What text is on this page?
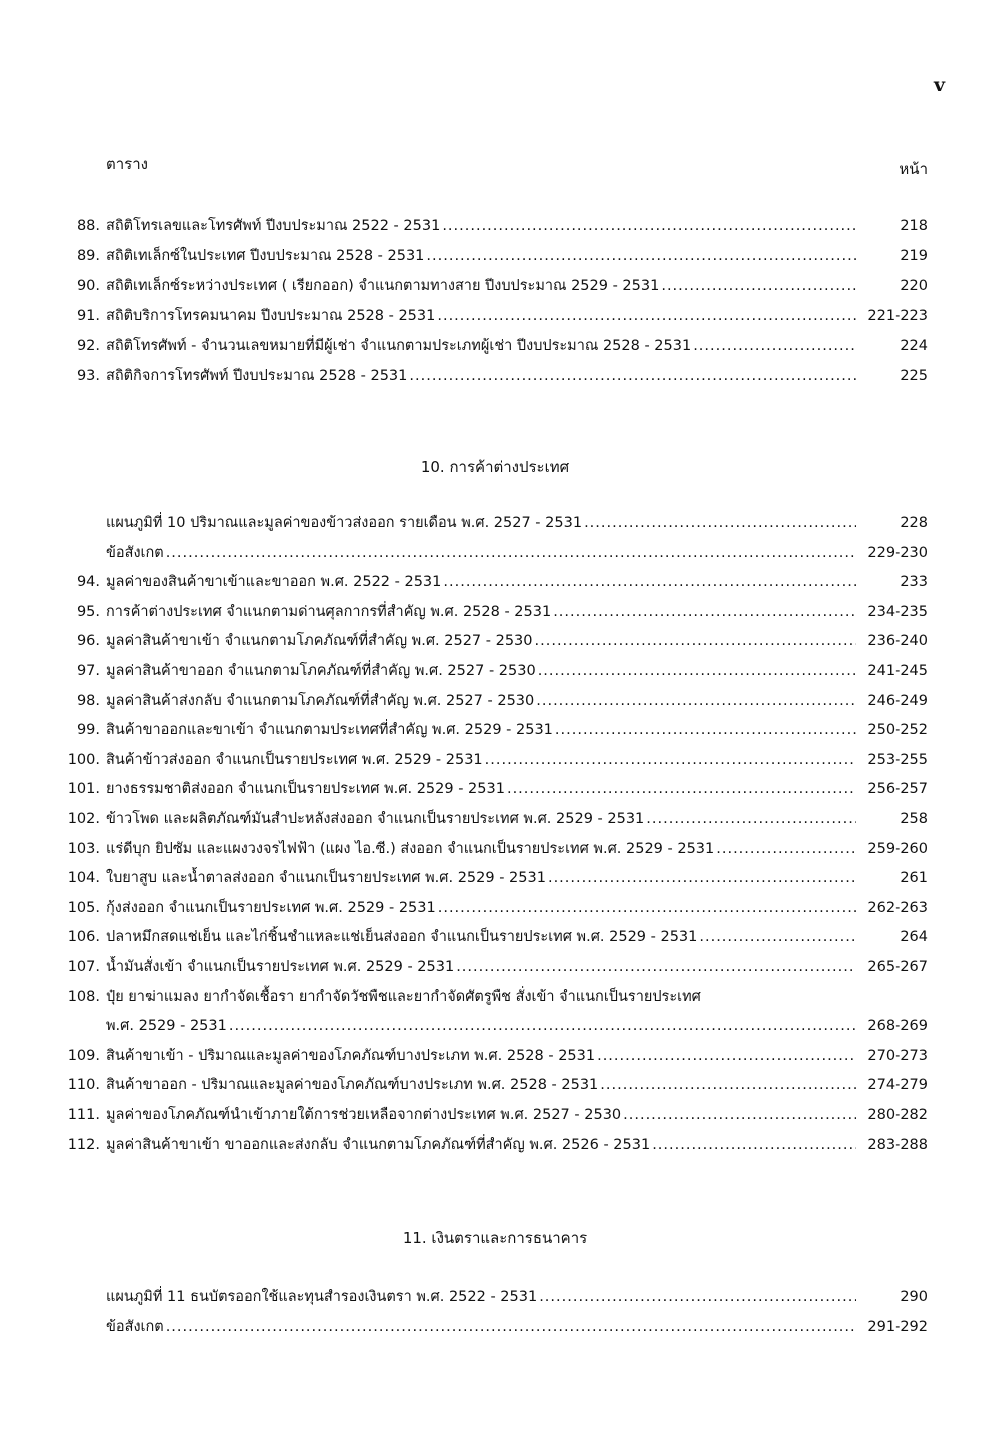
v
ตาราง	หน้า
88. สถิติโทรเลขและโทรศัพท์ ปีงบประมาณ 2522 - 2531 .....	218
89. สถิติเทเล็กซ์ในประเทศ ปีงบประมาณ 2528 - 2531 .....	219
90. สถิติเทเล็กซ์ระหว่างประเทศ ( เรียกออก) จำแนกตามทางสาย ปีงบประมาณ 2529 - 2531 .....	220
91. สถิติบริการโทรคมนาคม ปีงบประมาณ 2528 - 2531 .....	221-223
92. สถิติโทรศัพท์ - จำนวนเลขหมายที่มีผู้เช่า จำแนกตามประเภทผู้เช่า ปีงบประมาณ 2528 - 2531 .....	224
93. สถิติกิจการโทรศัพท์ ปีงบประมาณ 2528 - 2531 .....	225
10. การค้าต่างประเทศ
แผนภูมิที่ 10 ปริมาณและมูลค่าของข้าวส่งออก รายเดือน พ.ศ. 2527 - 2531 .....	228
ข้อสังเกต .....	229-230
94. มูลค่าของสินค้าขาเข้าและขาออก พ.ศ. 2522 - 2531 .....	233
95. การค้าต่างประเทศ จำแนกตามด่านศุลกากรที่สำคัญ พ.ศ. 2528 - 2531 .....	234-235
96. มูลค่าสินค้าขาเข้า จำแนกตามโภคภัณฑ์ที่สำคัญ พ.ศ. 2527 - 2530 .....	236-240
97. มูลค่าสินค้าขาออก จำแนกตามโภคภัณฑ์ที่สำคัญ พ.ศ. 2527 - 2530 .....	241-245
98. มูลค่าสินค้าส่งกลับ จำแนกตามโภคภัณฑ์ที่สำคัญ พ.ศ. 2527 - 2530 .....	246-249
99. สินค้าขาออกและขาเข้า จำแนกตามประเทศที่สำคัญ พ.ศ. 2529 - 2531 .....	250-252
100. สินค้าข้าวส่งออก จำแนกเป็นรายประเทศ พ.ศ. 2529 - 2531 .....	253-255
101. ยางธรรมชาติส่งออก จำแนกเป็นรายประเทศ พ.ศ. 2529 - 2531 .....	256-257
102. ข้าวโพด และผลิตภัณฑ์มันสำปะหลังส่งออก จำแนกเป็นรายประเทศ พ.ศ. 2529 - 2531 .....	258
103. แร่ดีบุก ยิปซัม และแผงวงจรไฟฟ้า (แผง ไอ.ซี.) ส่งออก จำแนกเป็นรายประเทศ พ.ศ. 2529 - 2531 .....	259-260
104. ใบยาสูบ และน้ำตาลส่งออก จำแนกเป็นรายประเทศ พ.ศ. 2529 - 2531 .....	261
105. กุ้งส่งออก จำแนกเป็นรายประเทศ พ.ศ. 2529 - 2531 .....	262-263
106. ปลาหมึกสดแช่เย็น และไก่ชิ้นชำแหละแช่เย็นส่งออก จำแนกเป็นรายประเทศ พ.ศ. 2529 - 2531 .....	264
107. น้ำมันสั่งเข้า จำแนกเป็นรายประเทศ พ.ศ. 2529 - 2531 .....	265-267
108. ปุ๋ย ยาฆ่าแมลง ยากำจัดเชื้อรา ยากำจัดวัชพืชและยากำจัดศัตรูพืช สั่งเข้า จำแนกเป็นรายประเทศ
พ.ศ. 2529 - 2531 .....	268-269
109. สินค้าขาเข้า - ปริมาณและมูลค่าของโภคภัณฑ์บางประเภท พ.ศ. 2528 - 2531 .....	270-273
110. สินค้าขาออก - ปริมาณและมูลค่าของโภคภัณฑ์บางประเภท พ.ศ. 2528 - 2531 .....	274-279
111. มูลค่าของโภคภัณฑ์นำเข้าภายใต้การช่วยเหลือจากต่างประเทศ พ.ศ. 2527 - 2530 .....	280-282
112. มูลค่าสินค้าขาเข้า ขาออกและส่งกลับ จำแนกตามโภคภัณฑ์ที่สำคัญ พ.ศ. 2526 - 2531 .....	283-288
11. เงินตราและการธนาคาร
แผนภูมิที่ 11 ธนบัตรออกใช้และทุนสำรองเงินตรา พ.ศ. 2522 - 2531 .....	290
ข้อสังเกต .....	291-292
